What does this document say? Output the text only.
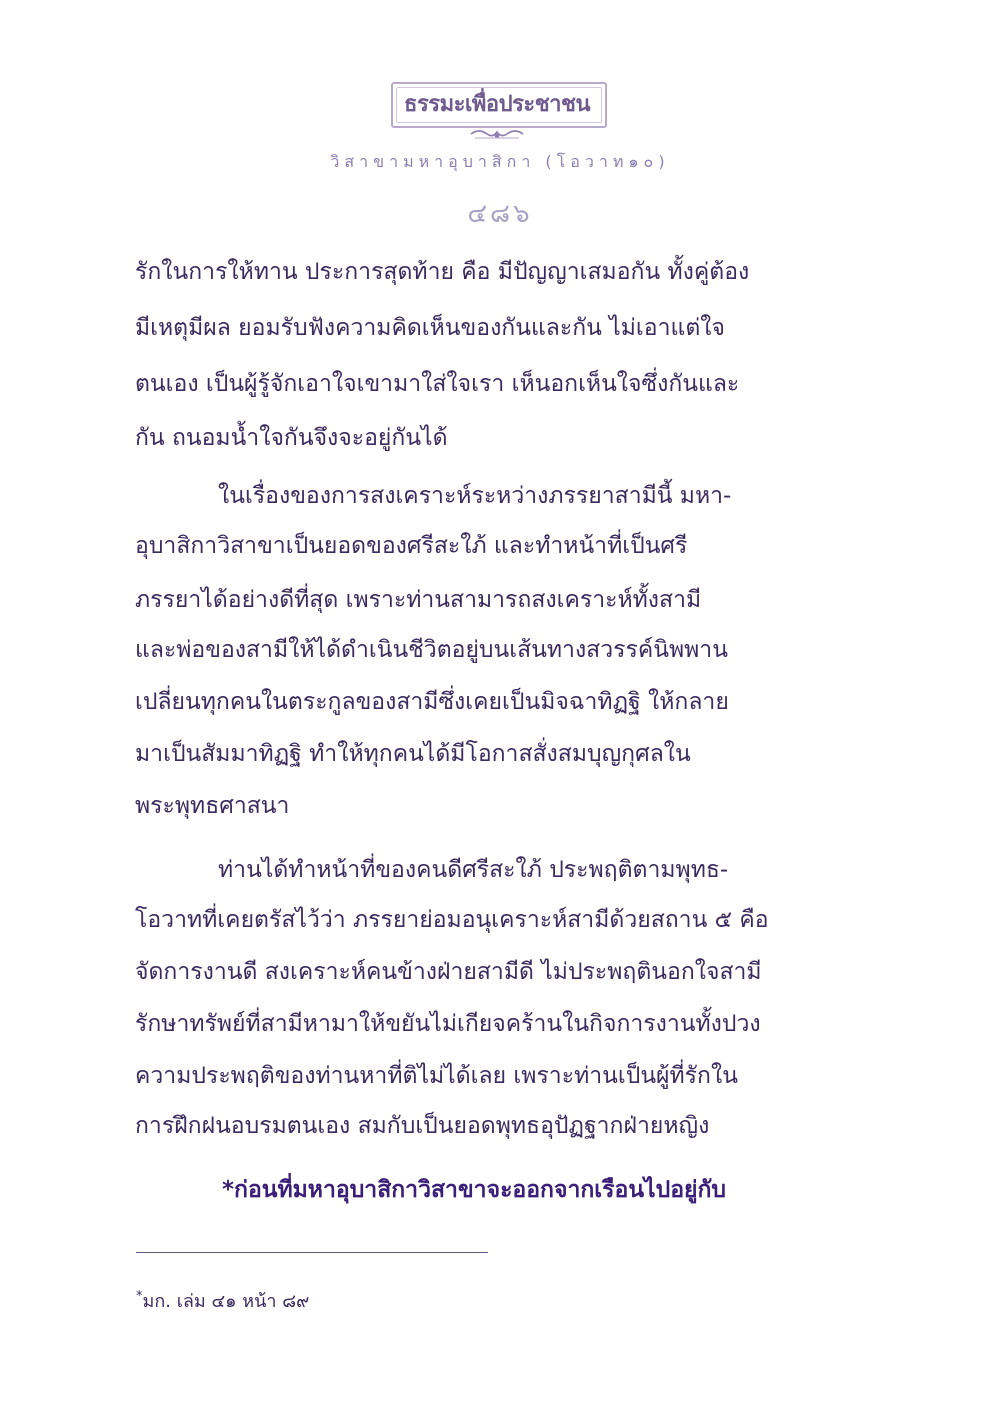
ธรรมะเพื่อประชาชน
วิสาขามหาอุบาสิกา (โอวาท๑๐)
๔๘๖
รักในการให้ทาน ประการสุดท้าย คือ มีปัญญาเสมอกัน ทั้งคู่ต้อง
มีเหตุมีผล ยอมรับฟังความคิดเห็นของกันและกัน ไม่เอาแต่ใจ
ตนเอง เป็นผู้รู้จักเอาใจเขามาใส่ใจเรา เห็นอกเห็นใจซึ่งกันและ
กัน ถนอมน้ำใจกันจึงจะอยู่กันได้
ในเรื่องของการสงเคราะห์ระหว่างภรรยาสามีนี้ มหา-
อุบาสิกาวิสาขาเป็นยอดของศรีสะใภ้ และทำหน้าที่เป็นศรี
ภรรยาได้อย่างดีที่สุด เพราะท่านสามารถสงเคราะห์ทั้งสามี
และพ่อของสามีให้ได้ดำเนินชีวิตอยู่บนเส้นทางสวรรค์นิพพาน
เปลี่ยนทุกคนในตระกูลของสามีซึ่งเคยเป็นมิจฉาทิฏฐิ ให้กลาย
มาเป็นสัมมาทิฏฐิ ทำให้ทุกคนได้มีโอกาสสั่งสมบุญกุศลใน
พระพุทธศาสนา
ท่านได้ทำหน้าที่ของคนดีศรีสะใภ้ ประพฤติตามพุทธ-
โอวาทที่เคยตรัสไว้ว่า ภรรยาย่อมอนุเคราะห์สามีด้วยสถาน ๕ คือ
จัดการงานดี สงเคราะห์คนข้างฝ่ายสามีดี ไม่ประพฤตินอกใจสามี
รักษาทรัพย์ที่สามีหามาให้ขยันไม่เกียจคร้านในกิจการงานทั้งปวง
ความประพฤติของท่านหาที่ติไม่ได้เลย เพราะท่านเป็นผู้ที่รักใน
การฝึกฝนอบรมตนเอง สมกับเป็นยอดพุทธอุปัฏฐากฝ่ายหญิง
*ก่อนที่มหาอุบาสิกาวิสาขาจะออกจากเรือนไปอยู่กับ
*มก. เล่ม ๔๑ หน้า ๘๙
